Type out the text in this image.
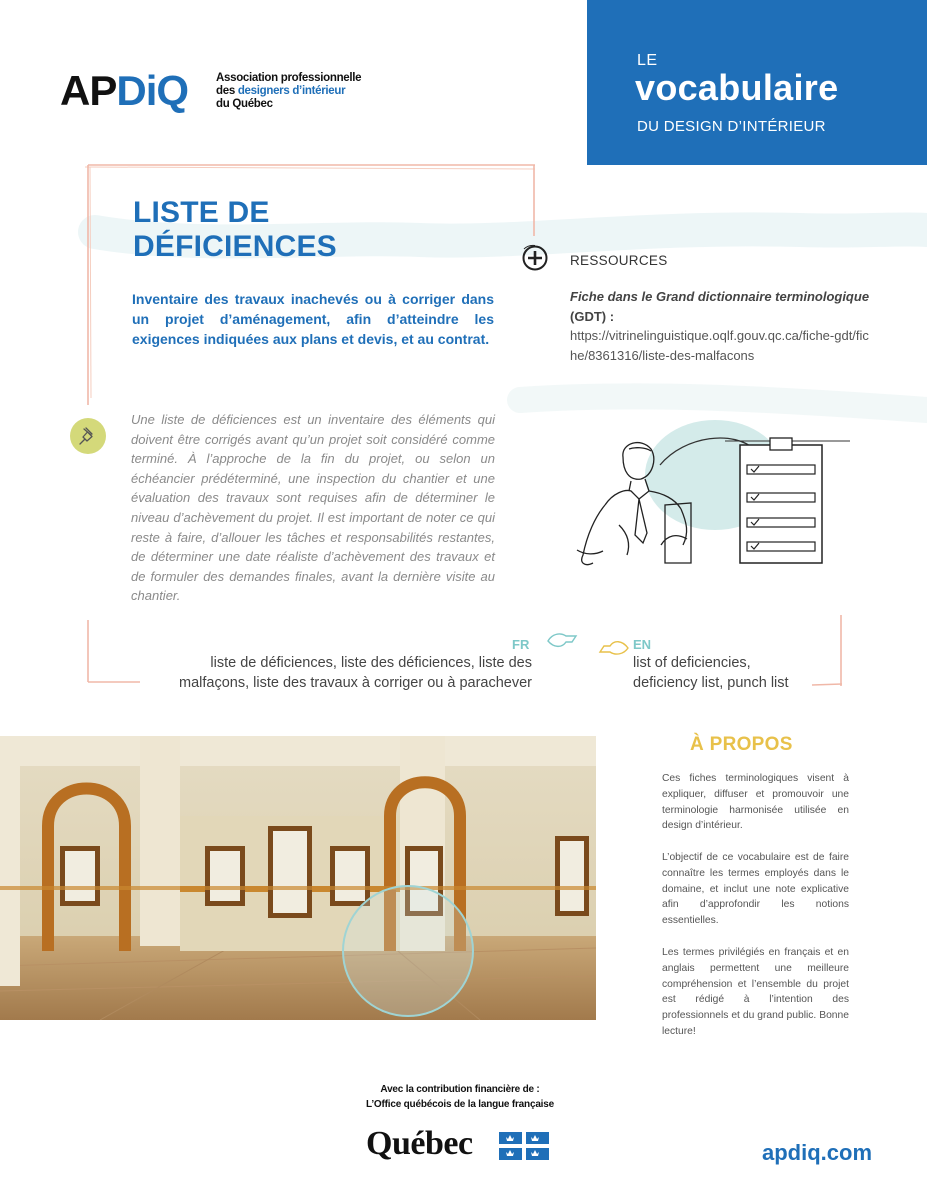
LE
vocabulaire
DU DESIGN D’INTÉRIEUR
APDiQ Association professionnelle
des designers d’intérieur
du Québec
LISTE DE
DÉFICIENCES
Inventaire des travaux inachevés ou à corriger dans un projet d’aménagement, afin d’atteindre les exigences indiquées aux plans et devis, et au contrat.
Une liste de déficiences est un inventaire des éléments qui doivent être corrigés avant qu’un projet soit considéré comme terminé. À l’approche de la fin du projet, ou selon un échéancier prédéterminé, une inspection du chantier et une évaluation des travaux sont requises afin de déterminer le niveau d’achèvement du projet. Il est important de noter ce qui reste à faire, d’allouer les tâches et responsabilités restantes, de déterminer une date réaliste d’achèvement des travaux et de formuler des demandes finales, avant la dernière visite au chantier.
RESSOURCES
Fiche dans le Grand dictionnaire terminologique (GDT) :
https://vitrinelinguistique.oqlf.gouv.qc.ca/fiche-gdt/fiche/8361316/liste-des-malfacons
FR	EN
liste de déficiences, liste des déficiences, liste des
malfaçons, liste des travaux à corriger ou à parachever
list of deficiencies,
deficiency list, punch list
À PROPOS
Ces fiches terminologiques visent à expliquer, diffuser et promouvoir une terminologie harmonisée utilisée en design d’intérieur.
L’objectif de ce vocabulaire est de faire connaître les termes employés dans le domaine, et inclut une note explicative afin d’approfondir les notions essentielles.
Les termes privilégiés en français et en anglais permettent une meilleure compréhension et l’ensemble du projet est rédigé à l’intention des professionnels et du grand public. Bonne lecture!
Avec la contribution financière de :
L’Office québécois de la langue française
Québec	apdiq.com
